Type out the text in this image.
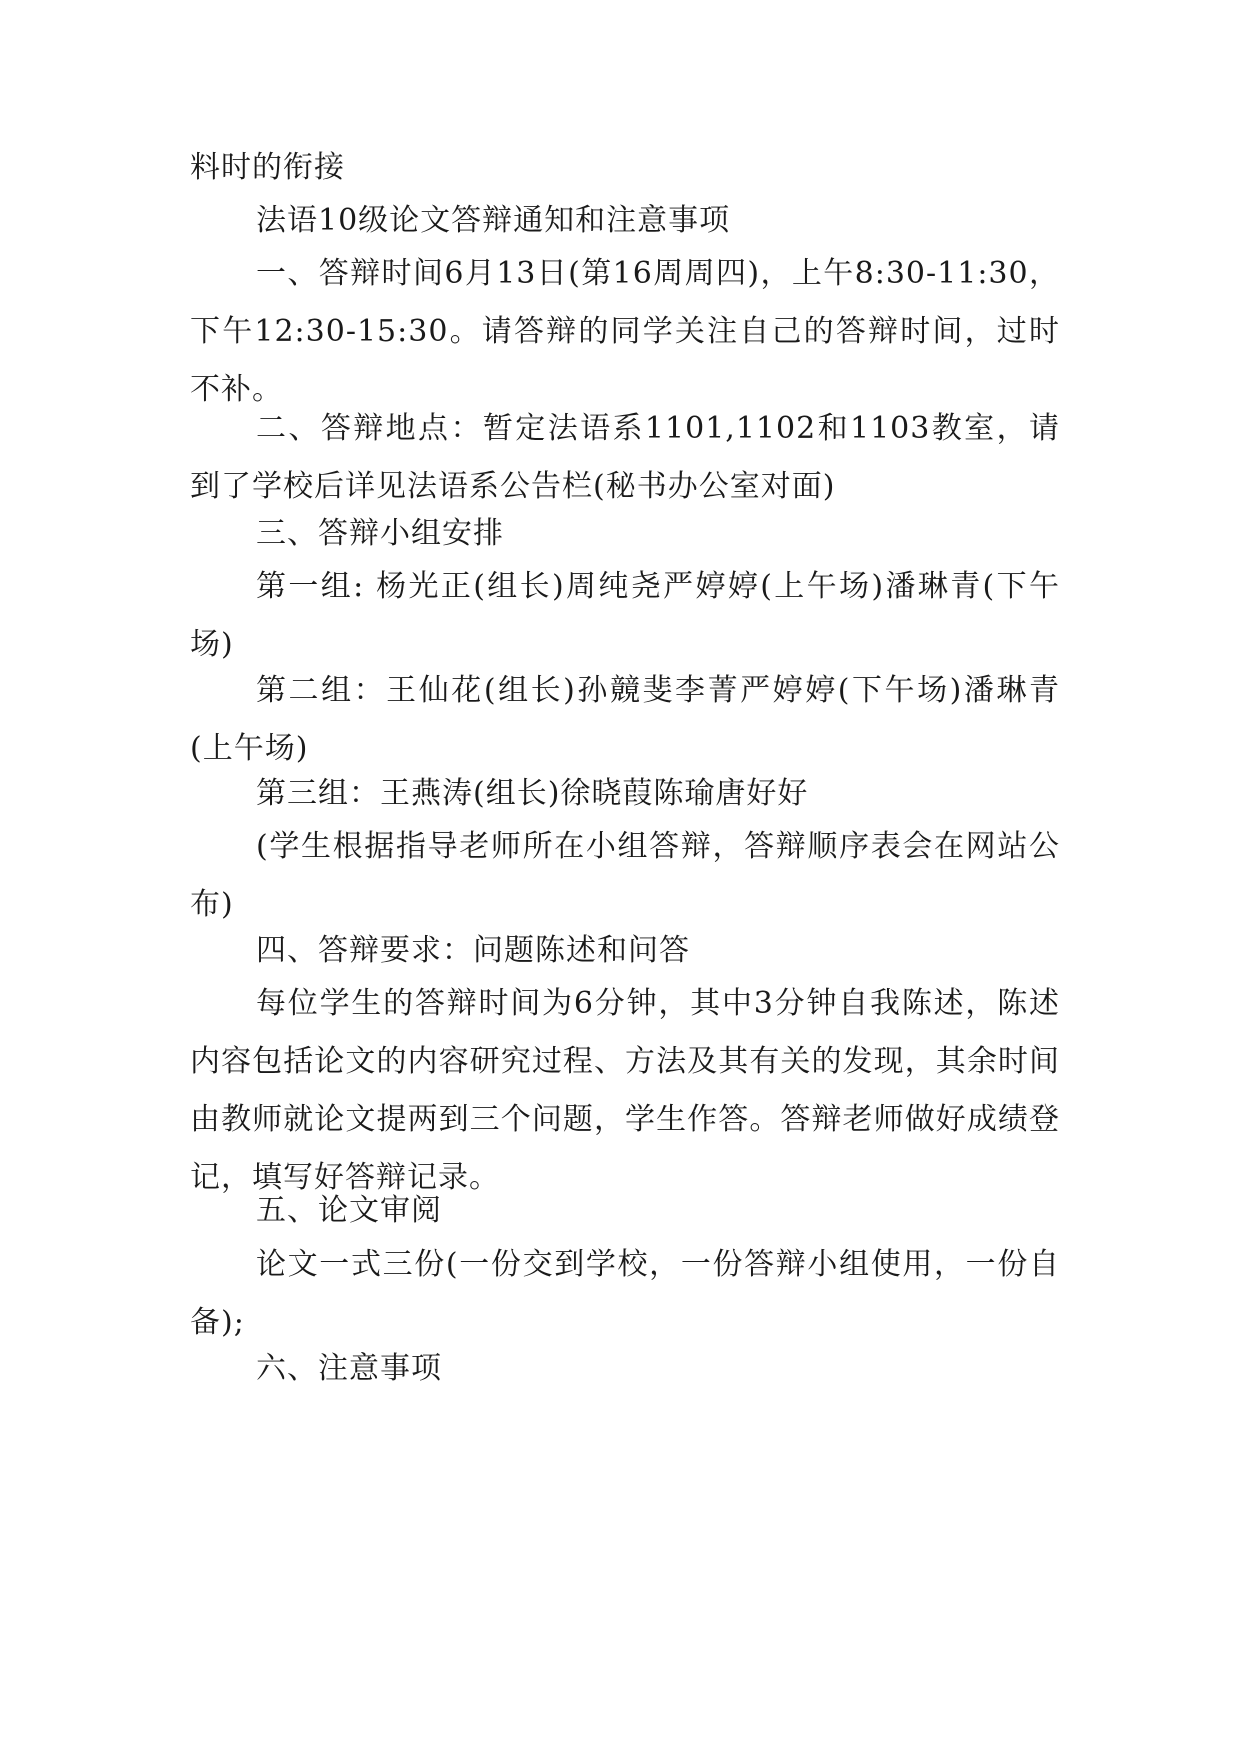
料时的衔接

法语10级论文答辩通知和注意事项

一、答辩时间6月13日(第16周周四)，上午8:30-11:30，下午12:30-15:30。请答辩的同学关注自己的答辩时间，过时不补。

二、答辩地点：暂定法语系1101,1102和1103教室，请到了学校后详见法语系公告栏(秘书办公室对面)

三、答辩小组安排

第一组: 杨光正(组长)周纯尧严婷婷(上午场)潘琳青(下午场)

第二组：王仙花(组长)孙竸斐李菁严婷婷(下午场)潘琳青(上午场)

第三组：王燕涛(组长)徐晓葭陈瑜唐好好

(学生根据指导老师所在小组答辩，答辩顺序表会在网站公布)

四、答辩要求：问题陈述和问答

每位学生的答辩时间为6分钟，其中3分钟自我陈述，陈述内容包括论文的内容研究过程、方法及其有关的发现，其余时间由教师就论文提两到三个问题，学生作答。答辩老师做好成绩登记，填写好答辩记录。

五、论文审阅

论文一式三份(一份交到学校，一份答辩小组使用，一份自备);

六、注意事项
